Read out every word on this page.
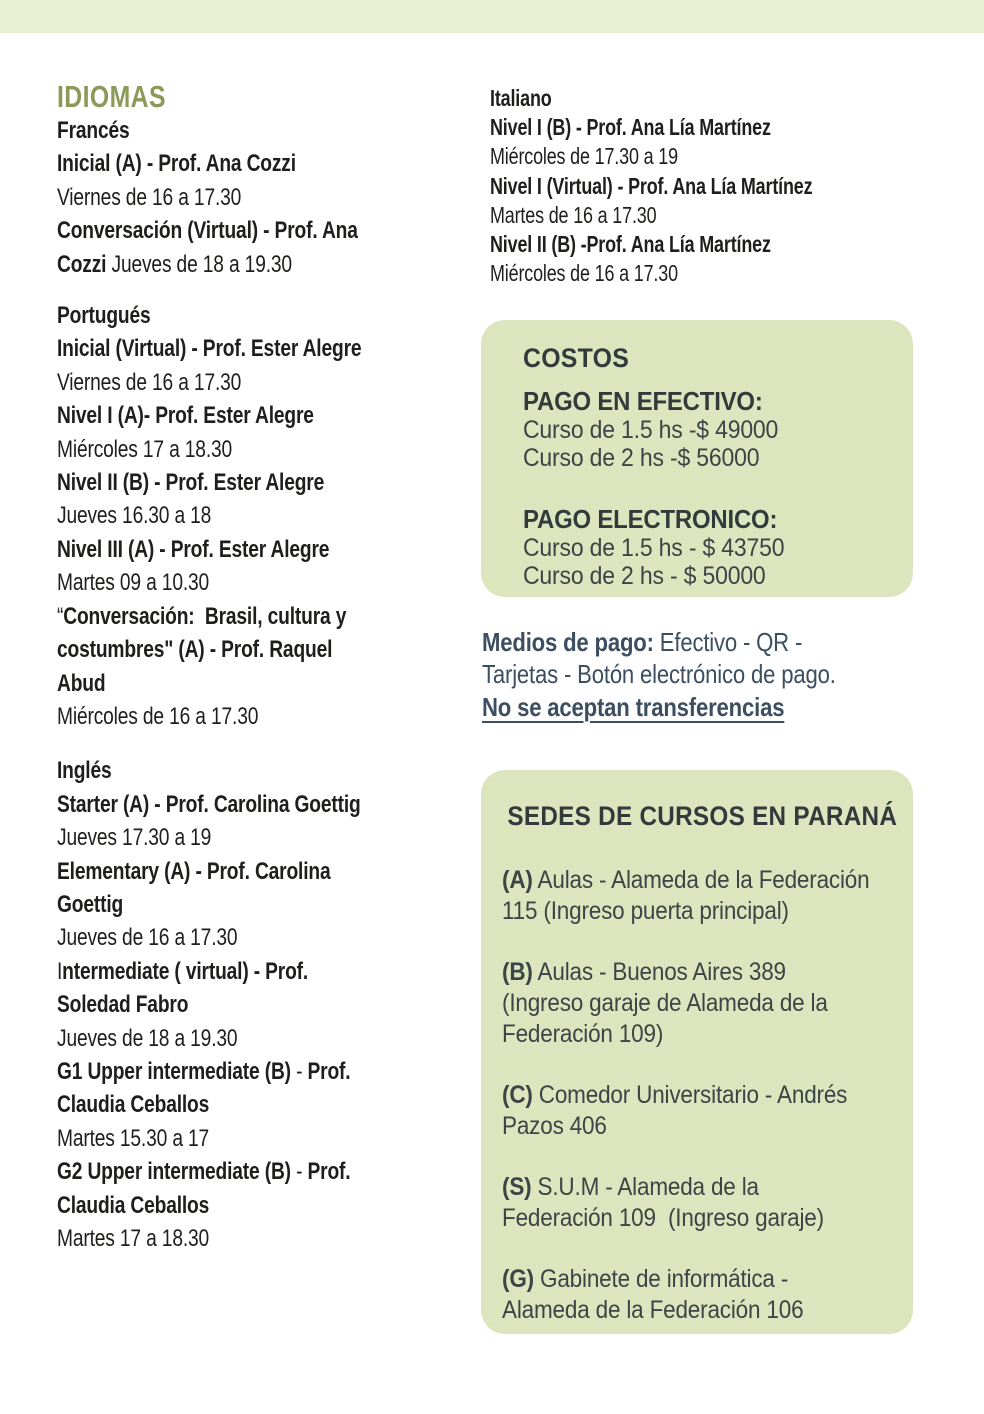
IDIOMAS
Francés
Inicial (A) - Prof. Ana Cozzi
Viernes de 16 a 17.30
Conversación (Virtual) - Prof. Ana
Cozzi Jueves de 18 a 19.30
Portugués
Inicial (Virtual) - Prof. Ester Alegre
Viernes de 16 a 17.30
Nivel I (A)- Prof. Ester Alegre
Miércoles 17 a 18.30
Nivel II (B) - Prof. Ester Alegre
Jueves 16.30 a 18
Nivel III (A) - Prof. Ester Alegre
Martes 09 a 10.30
“Conversación:  Brasil, cultura y
costumbres" (A) - Prof. Raquel
Abud
Miércoles de 16 a 17.30
Inglés
Starter (A) - Prof. Carolina Goettig
Jueves 17.30 a 19
Elementary (A) - Prof. Carolina
Goettig
Jueves de 16 a 17.30
Intermediate ( virtual) - Prof.
Soledad Fabro
Jueves de 18 a 19.30
G1 Upper intermediate (B) - Prof.
Claudia Ceballos
Martes 15.30 a 17
G2 Upper intermediate (B) - Prof.
Claudia Ceballos
Martes 17 a 18.30
Italiano
Nivel I (B) - Prof. Ana Lía Martínez
Miércoles de 17.30 a 19
Nivel I (Virtual) - Prof. Ana Lía Martínez
Martes de 16 a 17.30
Nivel II (B) -Prof. Ana Lía Martínez
Miércoles de 16 a 17.30
COSTOS
PAGO EN EFECTIVO:
Curso de 1.5 hs -$ 49000
Curso de 2 hs -$ 56000
PAGO ELECTRONICO:
Curso de 1.5 hs - $ 43750
Curso de 2 hs - $ 50000
Medios de pago: Efectivo - QR -
Tarjetas - Botón electrónico de pago.
No se aceptan transferencias
SEDES DE CURSOS EN PARANÁ
(A) Aulas - Alameda de la Federación
115 (Ingreso puerta principal)
(B) Aulas - Buenos Aires 389
(Ingreso garaje de Alameda de la
Federación 109)
(C) Comedor Universitario - Andrés
Pazos 406
(S) S.U.M - Alameda de la
Federación 109  (Ingreso garaje)
(G) Gabinete de informática -
Alameda de la Federación 106
